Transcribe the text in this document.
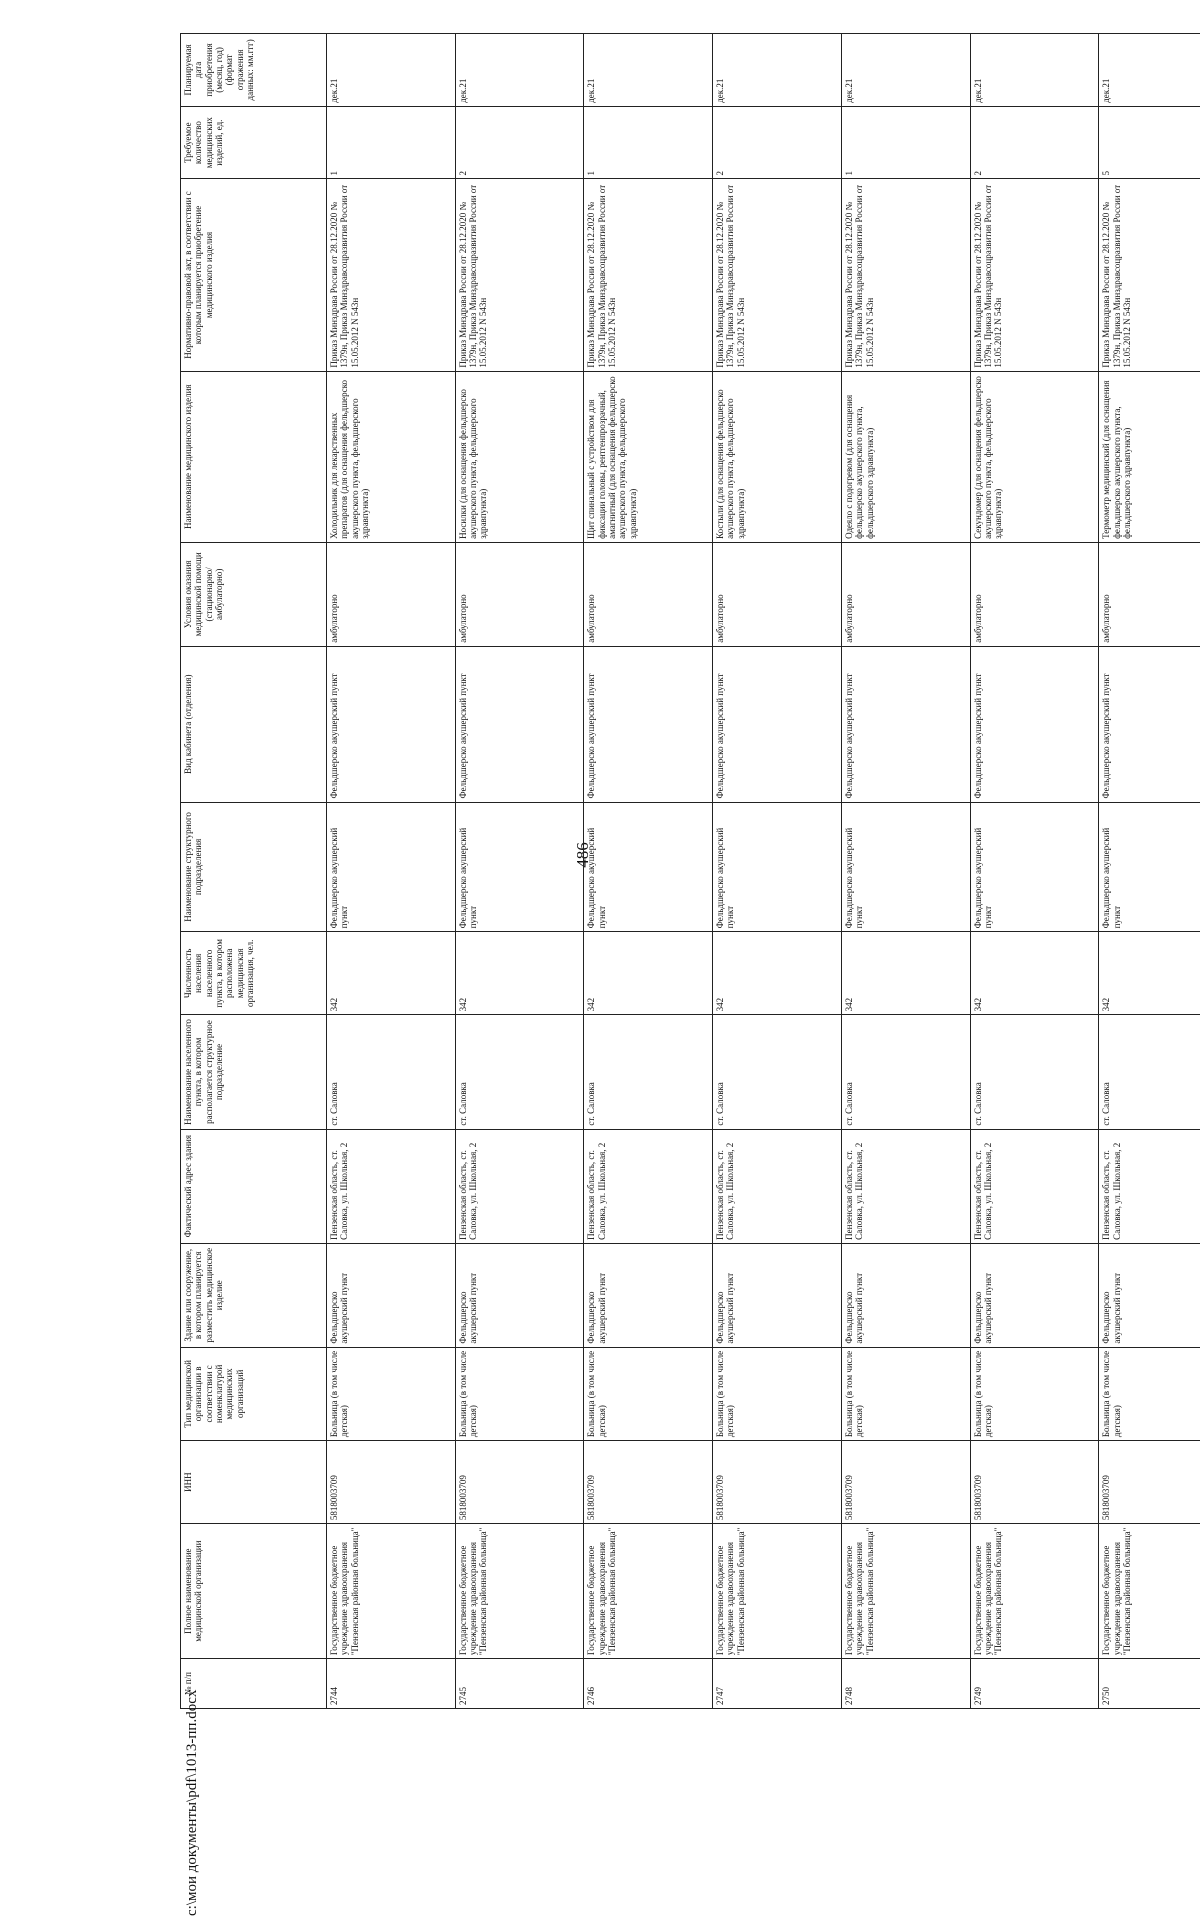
486
№ п/п	Полное наименование медицинской организации	ИНН	Тип медицинской организации в соответствии с номенклатурой медицинских организаций	Здание или сооружение, в котором планируется разместить медицинское изделие	Фактический адрес здания	Наименование населенного пункта, в котором располагается структурное подразделение	Численность населения населенного пункта, в котором расположена медицинская организация, чел.	Наименование структурного подразделения	Вид кабинета (отделения)	Условия оказания медицинской помощи (стационарно/амбулаторно)	Наименование медицинского изделия	Нормативно-правовой акт, в соответствии с которым планируется приобретение медицинского изделия	Требуемое количество медицинских изделий, ед.	Планируемая дата приобретения (месяц, год) (формат отражения данных: мм.ггг)
2744	Государственное бюджетное учреждение здравоохранения "Пензенская районная больница"	5818003709	Больница (в том числе детская)	Фельдшерско акушерский пункт	Пензенская область, ст. Саловка, ул. Школьная, 2	ст. Саловка	342	Фельдшерско акушерский пункт	Фельдшерско акушерский пункт	амбулаторно	Холодильник для лекарственных препаратов (для оснащения фельдшерско акушерского пункта, фельдшерского здравпункта)	Приказ Минздрава России от 28.12.2020 № 1379н, Приказ Минздравсоцразвития России от 15.05.2012 N 543н	1	дек.21
2745	Государственное бюджетное учреждение здравоохранения "Пензенская районная больница"	5818003709	Больница (в том числе детская)	Фельдшерско акушерский пункт	Пензенская область, ст. Саловка, ул. Школьная, 2	ст. Саловка	342	Фельдшерско акушерский пункт	Фельдшерско акушерский пункт	амбулаторно	Носилки (для оснащения фельдшерско акушерского пункта, фельдшерского здравпункта)	Приказ Минздрава России от 28.12.2020 № 1379н, Приказ Минздравсоцразвития России от 15.05.2012 N 543н	2	дек.21
2746	Государственное бюджетное учреждение здравоохранения "Пензенская районная больница"	5818003709	Больница (в том числе детская)	Фельдшерско акушерский пункт	Пензенская область, ст. Саловка, ул. Школьная, 2	ст. Саловка	342	Фельдшерско акушерский пункт	Фельдшерско акушерский пункт	амбулаторно	Щит спинальный с устройством для фиксации головы, рентгенпрозрачный, амагнитный (для оснащения фельдшерско акушерского пункта, фельдшерского здравпункта)	Приказ Минздрава России от 28.12.2020 № 1379н, Приказ Минздравсоцразвития России от 15.05.2012 N 543н	1	дек.21
2747	Государственное бюджетное учреждение здравоохранения "Пензенская районная больница"	5818003709	Больница (в том числе детская)	Фельдшерско акушерский пункт	Пензенская область, ст. Саловка, ул. Школьная, 2	ст. Саловка	342	Фельдшерско акушерский пункт	Фельдшерско акушерский пункт	амбулаторно	Костыли (для оснащения фельдшерско акушерского пункта, фельдшерского здравпункта)	Приказ Минздрава России от 28.12.2020 № 1379н, Приказ Минздравсоцразвития России от 15.05.2012 N 543н	2	дек.21
2748	Государственное бюджетное учреждение здравоохранения "Пензенская районная больница"	5818003709	Больница (в том числе детская)	Фельдшерско акушерский пункт	Пензенская область, ст. Саловка, ул. Школьная, 2	ст. Саловка	342	Фельдшерско акушерский пункт	Фельдшерско акушерский пункт	амбулаторно	Одеяло с подогревом (для оснащения фельдшерско акушерского пункта, фельдшерского здравпункта)	Приказ Минздрава России от 28.12.2020 № 1379н, Приказ Минздравсоцразвития России от 15.05.2012 N 543н	1	дек.21
2749	Государственное бюджетное учреждение здравоохранения "Пензенская районная больница"	5818003709	Больница (в том числе детская)	Фельдшерско акушерский пункт	Пензенская область, ст. Саловка, ул. Школьная, 2	ст. Саловка	342	Фельдшерско акушерский пункт	Фельдшерско акушерский пункт	амбулаторно	Секундомер (для оснащения фельдшерско акушерского пункта, фельдшерского здравпункта)	Приказ Минздрава России от 28.12.2020 № 1379н, Приказ Минздравсоцразвития России от 15.05.2012 N 543н	2	дек.21
2750	Государственное бюджетное учреждение здравоохранения "Пензенская районная больница"	5818003709	Больница (в том числе детская)	Фельдшерско акушерский пункт	Пензенская область, ст. Саловка, ул. Школьная, 2	ст. Саловка	342	Фельдшерско акушерский пункт	Фельдшерско акушерский пункт	амбулаторно	Термометр медицинский (для оснащения фельдшерско акушерского пункта, фельдшерского здравпункта)	Приказ Минздрава России от 28.12.2020 № 1379н, Приказ Минздравсоцразвития России от 15.05.2012 N 543н	5	дек.21
c:\мои документы\pdf\1013-пп.docx
